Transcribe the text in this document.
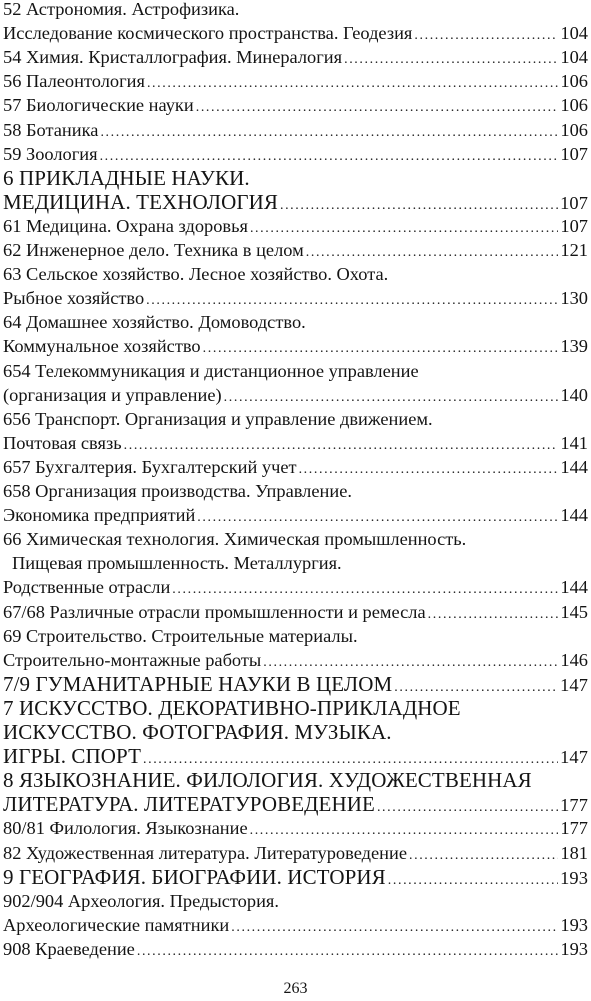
52 Астрономия. Астрофизика.
Исследование космического пространства. Геодезия .....	104
54 Химия. Кристаллография. Минералогия .....	104
56 Палеонтология .....	106
57 Биологические науки .....	106
58 Ботаника .....	106
59 Зоология .....	107
6 ПРИКЛАДНЫЕ НАУКИ.
МЕДИЦИНА. ТЕХНОЛОГИЯ .....	107
61 Медицина. Охрана здоровья .....	107
62 Инженерное дело. Техника в целом .....	121
63 Сельское хозяйство. Лесное хозяйство. Охота.
Рыбное хозяйство .....	130
64 Домашнее хозяйство. Домоводство.
Коммунальное хозяйство .....	139
654 Телекоммуникация и дистанционное управление
(организация и управление) .....	140
656 Транспорт. Организация и управление движением.
Почтовая связь .....	141
657 Бухгалтерия. Бухгалтерский учет .....	144
658 Организация производства. Управление.
Экономика предприятий .....	144
66 Химическая технология. Химическая промышленность.
Пищевая промышленность. Металлургия.
Родственные отрасли .....	144
67/68 Различные отрасли промышленности и ремесла .....	145
69 Строительство. Строительные материалы.
Строительно-монтажные работы .....	146
7/9 ГУМАНИТАРНЫЕ НАУКИ В ЦЕЛОМ .....	147
7 ИСКУССТВО. ДЕКОРАТИВНО-ПРИКЛАДНОЕ
ИСКУССТВО. ФОТОГРАФИЯ. МУЗЫКА.
ИГРЫ. СПОРТ .....	147
8 ЯЗЫКОЗНАНИЕ. ФИЛОЛОГИЯ. ХУДОЖЕСТВЕННАЯ
ЛИТЕРАТУРА. ЛИТЕРАТУРОВЕДЕНИЕ .....	177
80/81 Филология. Языкознание .....	177
82 Художественная литература. Литературоведение .....	181
9 ГЕОГРАФИЯ. БИОГРАФИИ. ИСТОРИЯ .....	193
902/904 Археология. Предыстория.
Археологические памятники .....	193
908 Краеведение .....	193
263
